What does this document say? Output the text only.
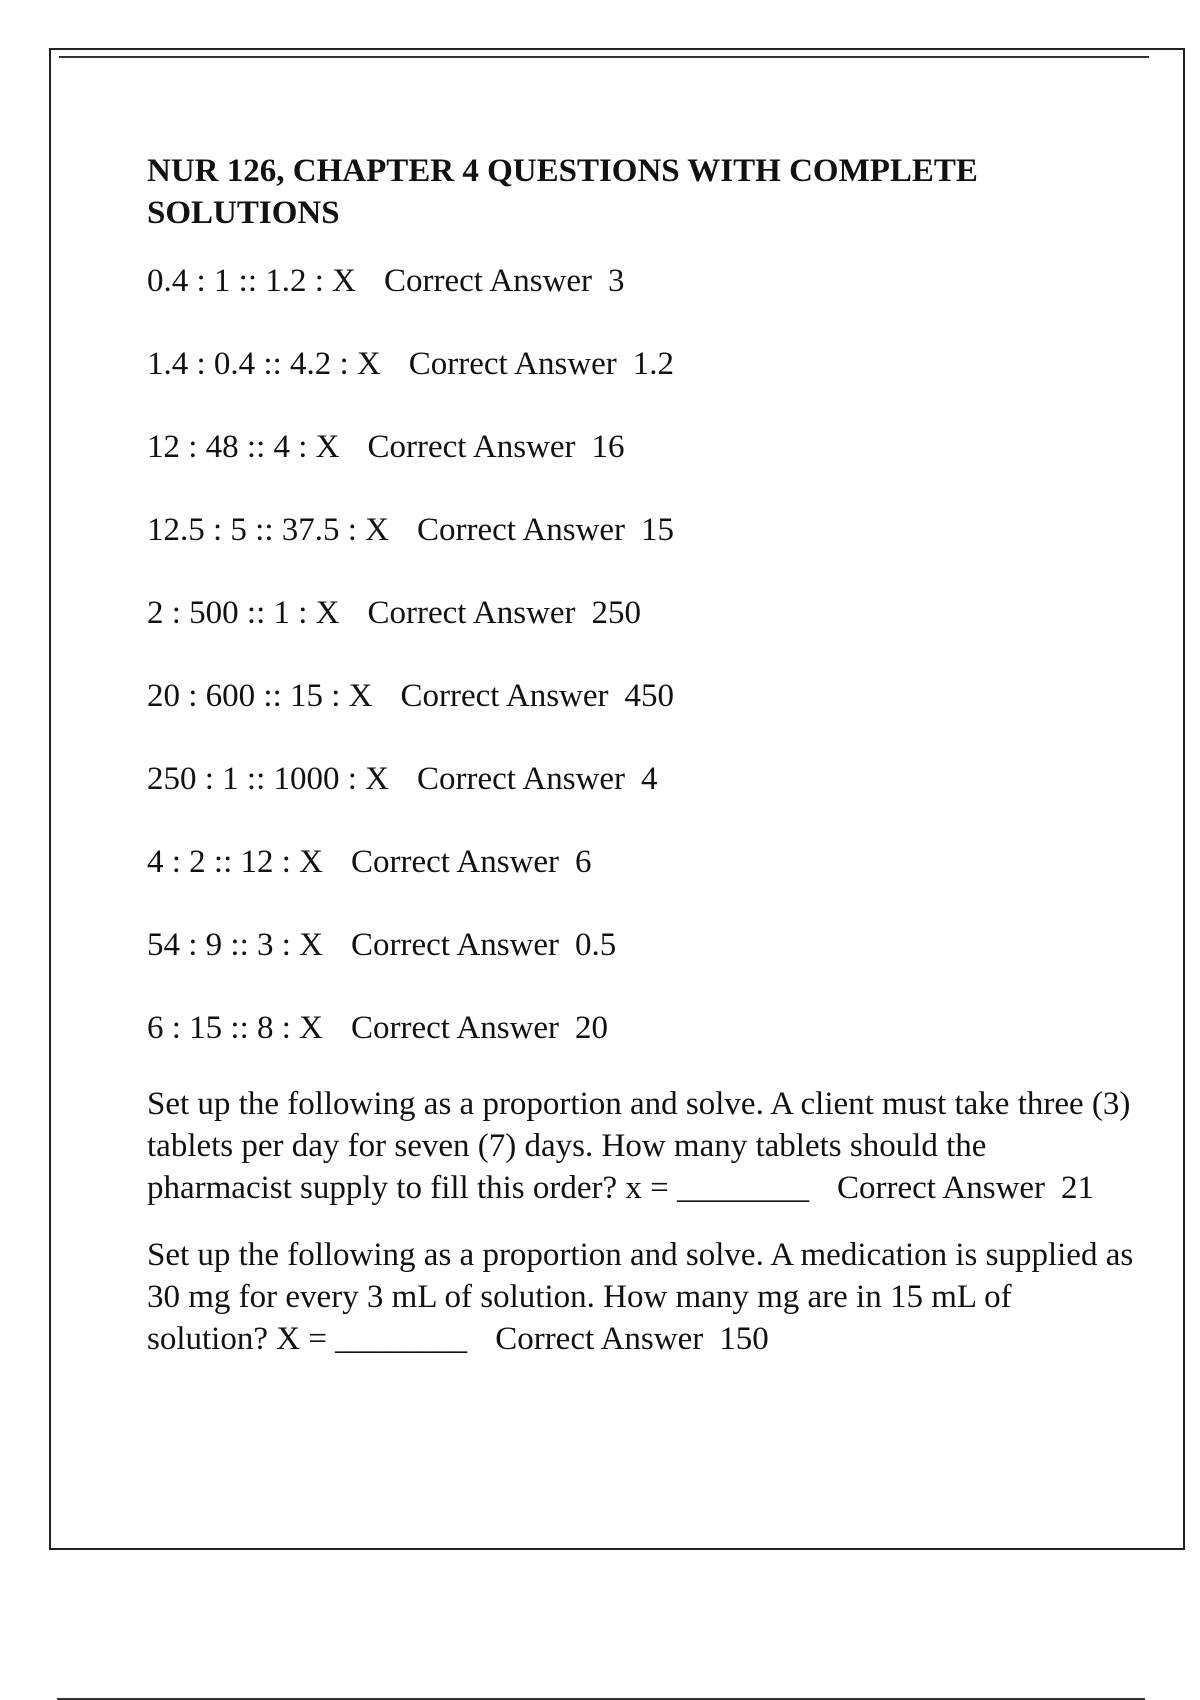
NUR 126, CHAPTER 4 QUESTIONS WITH COMPLETE SOLUTIONS
0.4 : 1 :: 1.2 : X Correct Answer 3
1.4 : 0.4 :: 4.2 : X Correct Answer 1.2
12 : 48 :: 4 : X Correct Answer 16
12.5 : 5 :: 37.5 : X Correct Answer 15
2 : 500 :: 1 : X Correct Answer 250
20 : 600 :: 15 : X Correct Answer 450
250 : 1 :: 1000 : X Correct Answer 4
4 : 2 :: 12 : X Correct Answer 6
54 : 9 :: 3 : X Correct Answer 0.5
6 : 15 :: 8 : X Correct Answer 20
Set up the following as a proportion and solve. A client must take three (3) tablets per day for seven (7) days. How many tablets should the pharmacist supply to fill this order? x = ________ Correct Answer 21
Set up the following as a proportion and solve. A medication is supplied as 30 mg for every 3 mL of solution. How many mg are in 15 mL of solution? X = ________ Correct Answer 150
